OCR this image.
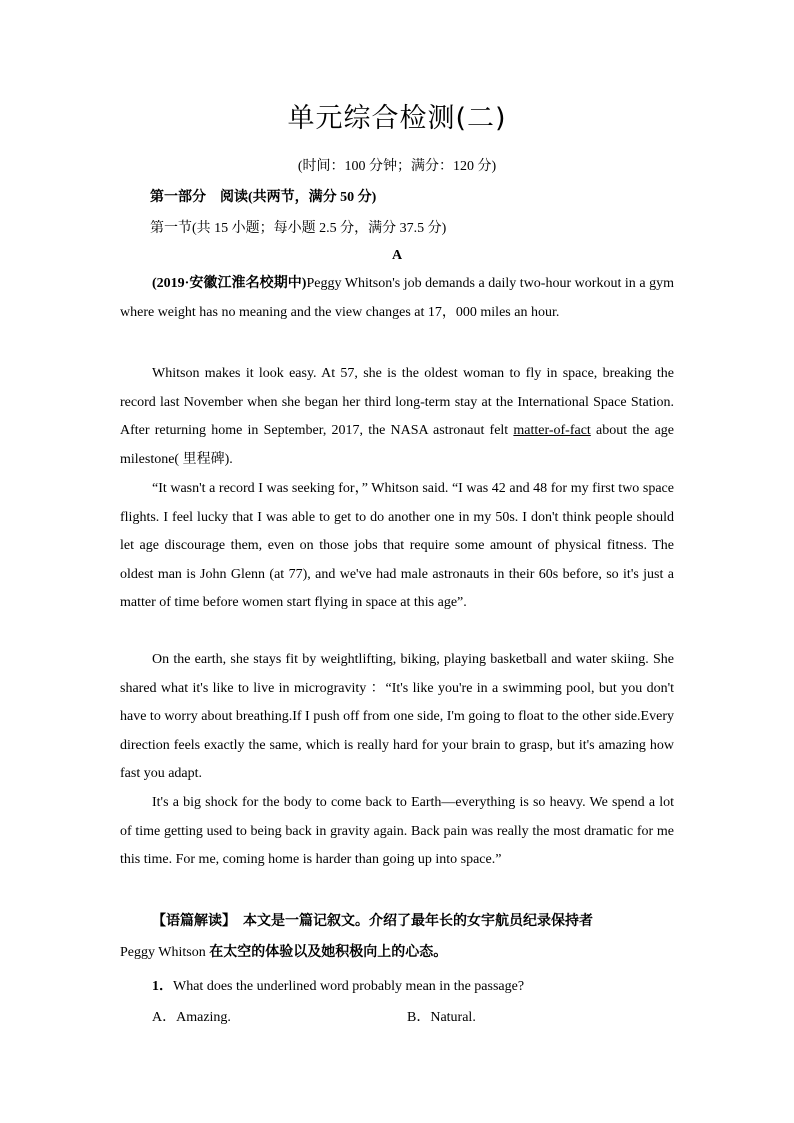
单元综合检测(二)
(时间：100 分钟；满分：120 分)
第一部分　阅读(共两节，满分 50 分)
第一节(共 15 小题；每小题 2.5 分，满分 37.5 分)
A

(2019·安徽江淮名校期中)Peggy Whitson's job demands a daily two-hour workout in a gym where weight has no meaning and the view changes at 17，000 miles an hour.

Whitson makes it look easy. At 57, she is the oldest woman to fly in space, breaking the record last November when she began her third long-term stay at the International Space Station. After returning home in September, 2017, the NASA astronaut felt matter-of-fact about the age milestone( 里程碑).

“It wasn't a record I was seeking for，” Whitson said. “I was 42 and 48 for my first two space flights. I feel lucky that I was able to get to do another one in my 50s. I don't think people should let age discourage them, even on those jobs that require some amount of physical fitness. The oldest man is John Glenn (at 77), and we've had male astronauts in their 60s before, so it's just a matter of time before women start flying in space at this age”.

On the earth, she stays fit by weightlifting, biking, playing basketball and water skiing. She shared what it's like to live in microgravity ：“It's like you're in a swimming pool, but you don't have to worry about breathing.If I push off from one side, I'm going to float to the other side.Every direction feels exactly the same, which is really hard for your brain to grasp, but it's amazing how fast you adapt.

It's a big shock for the body to come back to Earth—everything is so heavy. We spend a lot of time getting used to being back in gravity again. Back pain was really the most dramatic for me this time. For me, coming home is harder than going up into space.”

【语篇解读】　 本文是一篇记叙文。介绍了最年长的女宇航员纪录保持者
Peggy Whitson 在太空的体验以及她积极向上的心态。
1．What does the underlined word probably mean in the passage?
A．Amazing.	B．Natural.
